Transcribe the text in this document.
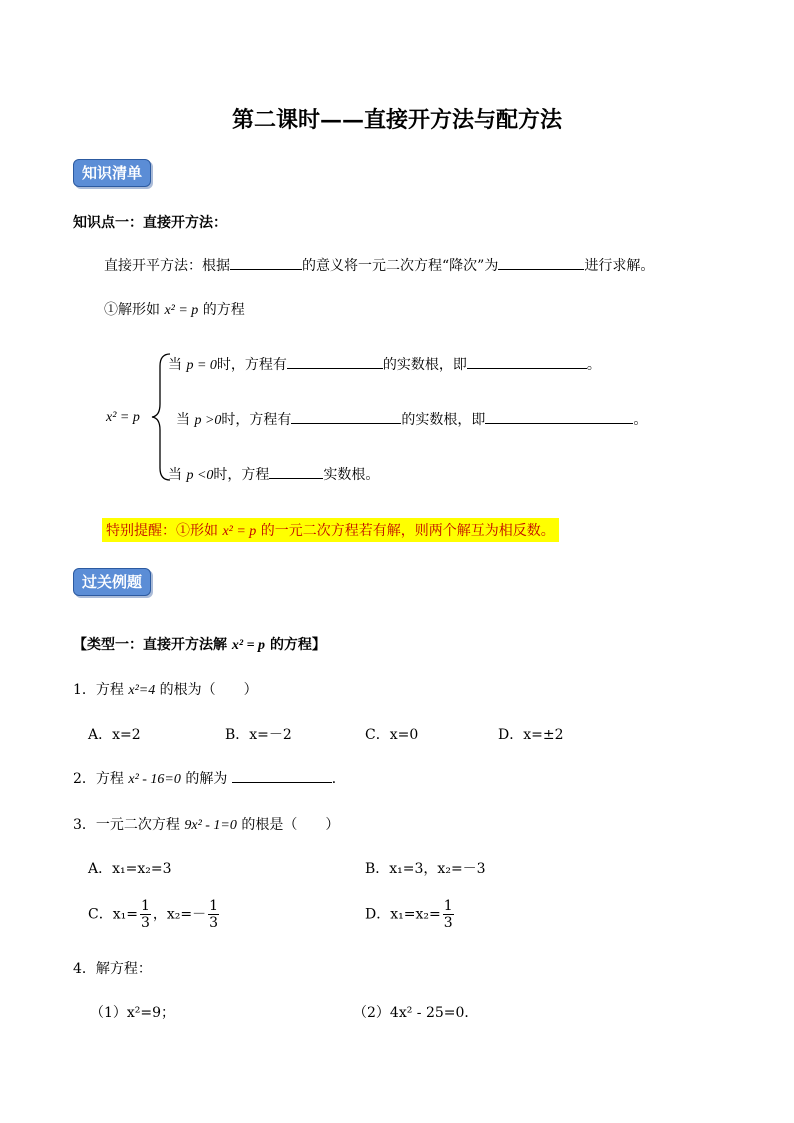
第二课时——直接开方法与配方法
知识清单
知识点一：直接开方法：
直接开平方法：根据	的意义将一元二次方程“降次”为	进行求解。
①解形如 x² = p 的方程
x² = p
当 p = 0时，方程有	的实数根，即	。
当 p >0时，方程有	的实数根，即	。
当 p <0时，方程	实数根。
特别提醒：①形如 x² = p 的一元二次方程若有解，则两个解互为相反数。
过关例题
【类型一：直接开方法解 x² = p 的方程】
1．方程 x²=4 的根为（　　）
A．x=2	B．x=－2	C．x=0	D．x=±2
2．方程 x² - 16=0 的解为	．
3．一元二次方程 9x² - 1=0 的根是（　　）
A．x₁=x₂=3	B．x₁=3，x₂=－3
C．$x_1= \frac{1}{3}$ ，$x_2=- \frac{1}{3}$	D．$x_1=x_2= \frac{1}{3}$
4．解方程：
（1）x²=9；	（2）4x² - 25=0．
